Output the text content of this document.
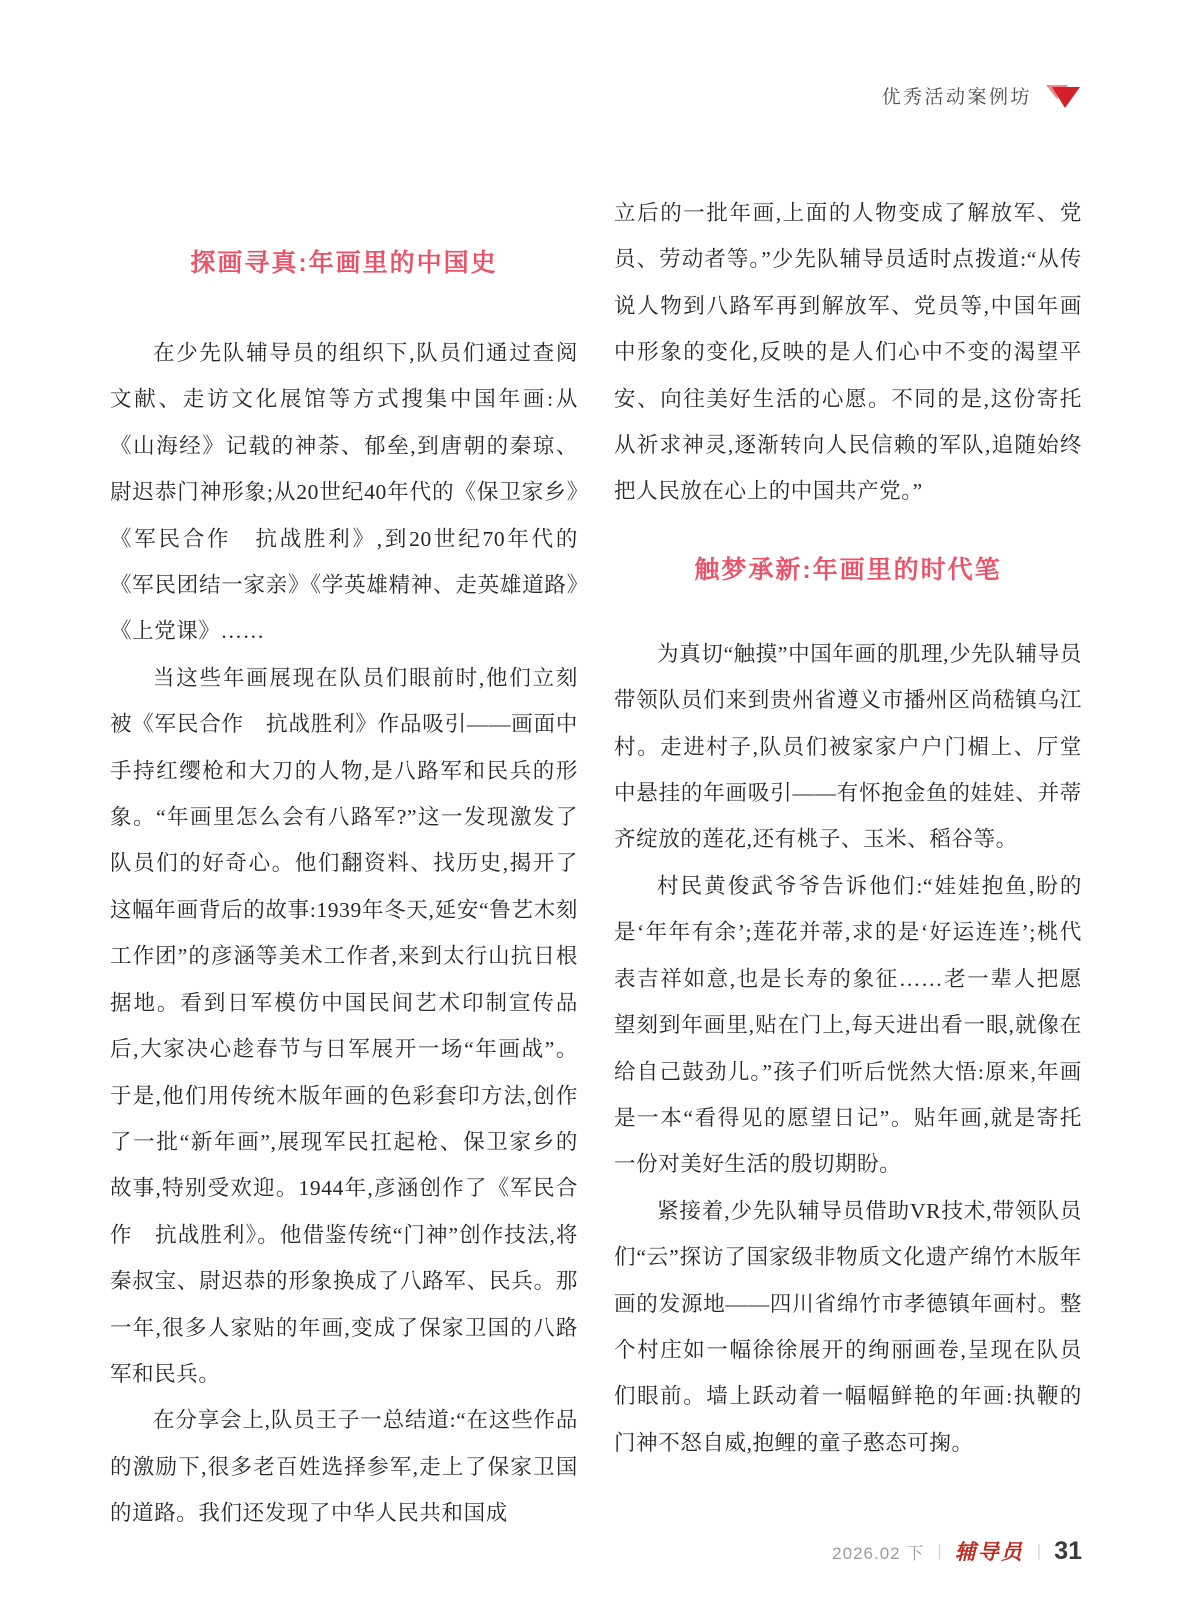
优秀活动案例坊
探画寻真:年画里的中国史

在少先队辅导员的组织下,队员们通过查阅文献、走访文化展馆等方式搜集中国年画:从《山海经》记载的神荼、郁垒,到唐朝的秦琼、尉迟恭门神形象;从20世纪40年代的《保卫家乡》《军民合作　抗战胜利》,到20世纪70年代的《军民团结一家亲》《学英雄精神、走英雄道路》《上党课》……

当这些年画展现在队员们眼前时,他们立刻被《军民合作　抗战胜利》作品吸引——画面中手持红缨枪和大刀的人物,是八路军和民兵的形象。“年画里怎么会有八路军?”这一发现激发了队员们的好奇心。他们翻资料、找历史,揭开了这幅年画背后的故事:1939年冬天,延安“鲁艺木刻工作团”的彦涵等美术工作者,来到太行山抗日根据地。看到日军模仿中国民间艺术印制宣传品后,大家决心趁春节与日军展开一场“年画战”。于是,他们用传统木版年画的色彩套印方法,创作了一批“新年画”,展现军民扛起枪、保卫家乡的故事,特别受欢迎。1944年,彦涵创作了《军民合作　抗战胜利》。他借鉴传统“门神”创作技法,将秦叔宝、尉迟恭的形象换成了八路军、民兵。那一年,很多人家贴的年画,变成了保家卫国的八路军和民兵。

在分享会上,队员王子一总结道:“在这些作品的激励下,很多老百姓选择参军,走上了保家卫国的道路。我们还发现了中华人民共和国成

立后的一批年画,上面的人物变成了解放军、党员、劳动者等。”少先队辅导员适时点拨道:“从传说人物到八路军再到解放军、党员等,中国年画中形象的变化,反映的是人们心中不变的渴望平安、向往美好生活的心愿。不同的是,这份寄托从祈求神灵,逐渐转向人民信赖的军队,追随始终把人民放在心上的中国共产党。”

触梦承新:年画里的时代笔

为真切“触摸”中国年画的肌理,少先队辅导员带领队员们来到贵州省遵义市播州区尚嵇镇乌江村。走进村子,队员们被家家户户门楣上、厅堂中悬挂的年画吸引——有怀抱金鱼的娃娃、并蒂齐绽放的莲花,还有桃子、玉米、稻谷等。

村民黄俊武爷爷告诉他们:“娃娃抱鱼,盼的是‘年年有余’;莲花并蒂,求的是‘好运连连’;桃代表吉祥如意,也是长寿的象征……老一辈人把愿望刻到年画里,贴在门上,每天进出看一眼,就像在给自己鼓劲儿。”孩子们听后恍然大悟:原来,年画是一本“看得见的愿望日记”。贴年画,就是寄托一份对美好生活的殷切期盼。

紧接着,少先队辅导员借助VR技术,带领队员们“云”探访了国家级非物质文化遗产绵竹木版年画的发源地——四川省绵竹市孝德镇年画村。整个村庄如一幅徐徐展开的绚丽画卷,呈现在队员们眼前。墙上跃动着一幅幅鲜艳的年画:执鞭的门神不怒自威,抱鲤的童子憨态可掬。

2026.02 下 | 辅导员 | 31
